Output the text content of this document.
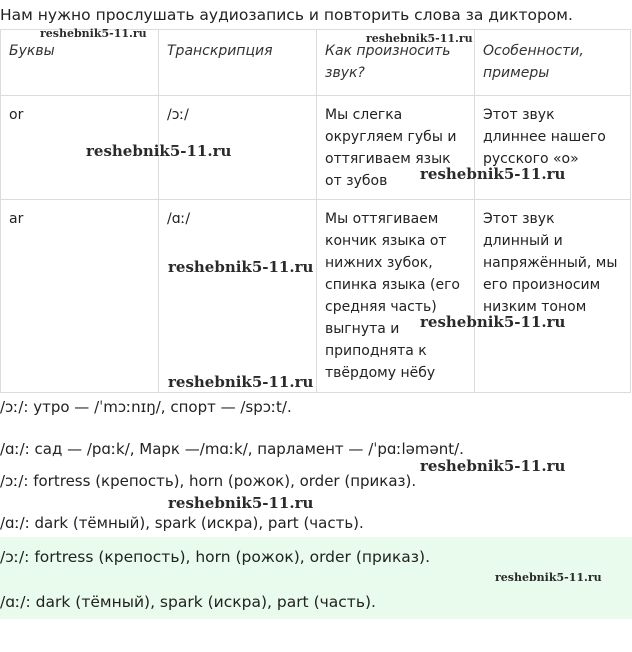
Нам нужно прослушать аудиозапись и повторить слова за диктором.
Буквы	Транскрипция	Как произносить звук?	Особенности, примеры
or	/ɔː/	Мы слегка округляем губы и оттягиваем язык от зубов	Этот звук длиннее нашего русского «о»
ar	/ɑː/	Мы оттягиваем кончик языка от нижних зубок, спинка языка (его средняя часть) выгнута и приподнята к твёрдому нёбу	Этот звук длинный и напряжённый, мы его произносим низким тоном
/ɔː/: утро — /ˈmɔːnɪŋ/, спорт — /spɔːt/.
/ɑː/: сад — /pɑːk/, Марк —/mɑːk/, парламент — /ˈpɑːləmənt/.
/ɔː/: fortress (крепость), horn (рожок), order (приказ).
/ɑː/: dark (тёмный), spark (искра), part (часть).
/ɔː/: fortress (крепость), horn (рожок), order (приказ).
/ɑː/: dark (тёмный), spark (искра), part (часть).
reshebnik5-11.ru	reshebnik5-11.ru
reshebnik5-11.ru
reshebnik5-11.ru
reshebnik5-11.ru
reshebnik5-11.ru
reshebnik5-11.ru
reshebnik5-11.ru
reshebnik5-11.ru
reshebnik5-11.ru
